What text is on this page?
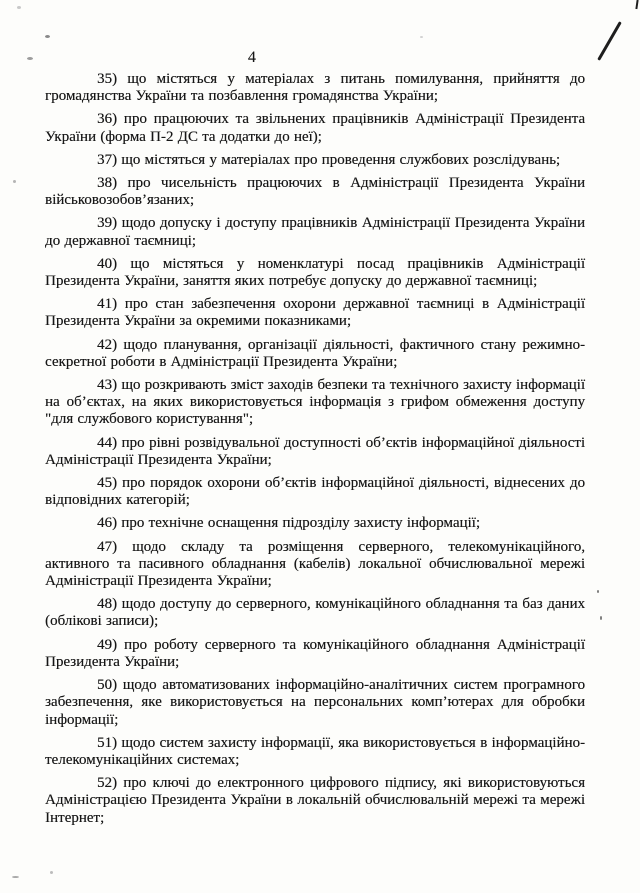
4

35) що містяться у матеріалах з питань помилування, прийняття до громадянства України та позбавлення громадянства України;

36) про працюючих та звільнених працівників Адміністрації Президента України (форма П-2 ДС та додатки до неї);

37) що містяться у матеріалах про проведення службових розслідувань;

38) про чисельність працюючих в Адміністрації Президента України військовозобов’язаних;

39) щодо допуску і доступу працівників Адміністрації Президента України до державної таємниці;

40) що містяться у номенклатурі посад працівників Адміністрації Президента України, заняття яких потребує допуску до державної таємниці;

41) про стан забезпечення охорони державної таємниці в Адміністрації Президента України за окремими показниками;

42) щодо планування, організації діяльності, фактичного стану режимно-секретної роботи в Адміністрації Президента України;

43) що розкривають зміст заходів безпеки та технічного захисту інформації на об’єктах, на яких використовується інформація з грифом обмеження доступу "для службового користування";

44) про рівні розвідувальної доступності об’єктів інформаційної діяльності Адміністрації Президента України;

45) про порядок охорони об’єктів інформаційної діяльності, віднесених до відповідних категорій;

46) про технічне оснащення підрозділу захисту інформації;

47) щодо складу та розміщення серверного, телекомунікаційного, активного та пасивного обладнання (кабелів) локальної обчислювальної мережі Адміністрації Президента України;

48) щодо доступу до серверного, комунікаційного обладнання та баз даних (облікові записи);

49) про роботу серверного та комунікаційного обладнання Адміністрації Президента України;

50) щодо автоматизованих інформаційно-аналітичних систем програмного забезпечення, яке використовується на персональних комп’ютерах для обробки інформації;

51) щодо систем захисту інформації, яка використовується в інформаційно-телекомунікаційних системах;

52) про ключі до електронного цифрового підпису, які використовуються Адміністрацією Президента України в локальній обчислювальній мережі та мережі Інтернет;
